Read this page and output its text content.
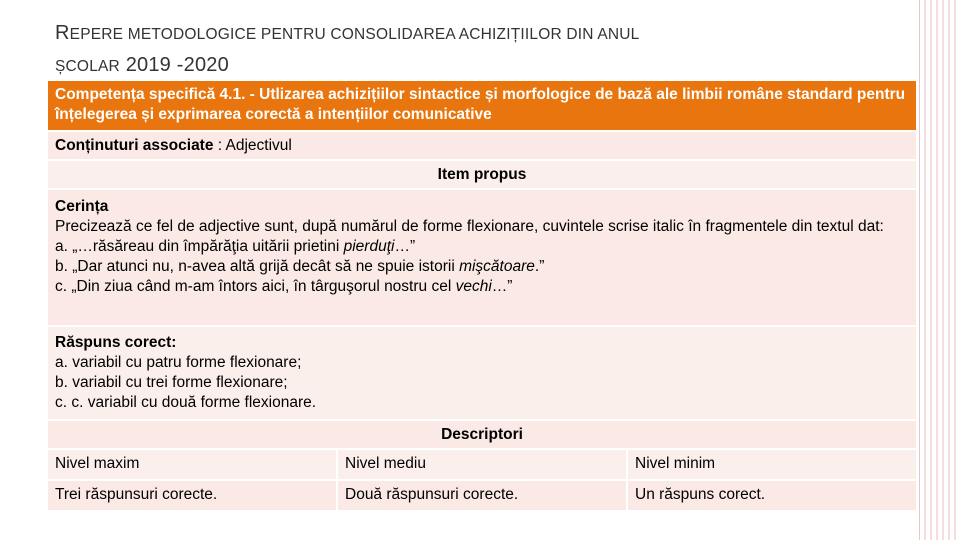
REPERE METODOLOGICE PENTRU CONSOLIDAREA ACHIZIȚIILOR DIN ANUL
ȘCOLAR 2019 -2020
Competența specifică 4.1. - Utlizarea achizițiilor sintactice și morfologice de bază ale limbii române standard pentru înțelegerea și exprimarea corectă a intențiilor comunicative
Conținuturi associate : Adjectivul
Item propus
Cerința
Precizează ce fel de adjective sunt, după numărul de forme flexionare, cuvintele scrise italic în fragmentele din textul dat:
a. „…răsăreau din împărăţia uitării prietini pierduţi…”
b. „Dar atunci nu, n-avea altă grijă decât să ne spuie istorii mişcătoare.”
c. „Din ziua când m-am întors aici, în târguşorul nostru cel vechi…”
Răspuns corect:
a. variabil cu patru forme flexionare;
b. variabil cu trei forme flexionare;
c. c. variabil cu două forme flexionare.
Descriptori
Nivel maxim	Nivel mediu	Nivel minim
Trei răspunsuri corecte.	Două răspunsuri corecte.	Un răspuns corect.
